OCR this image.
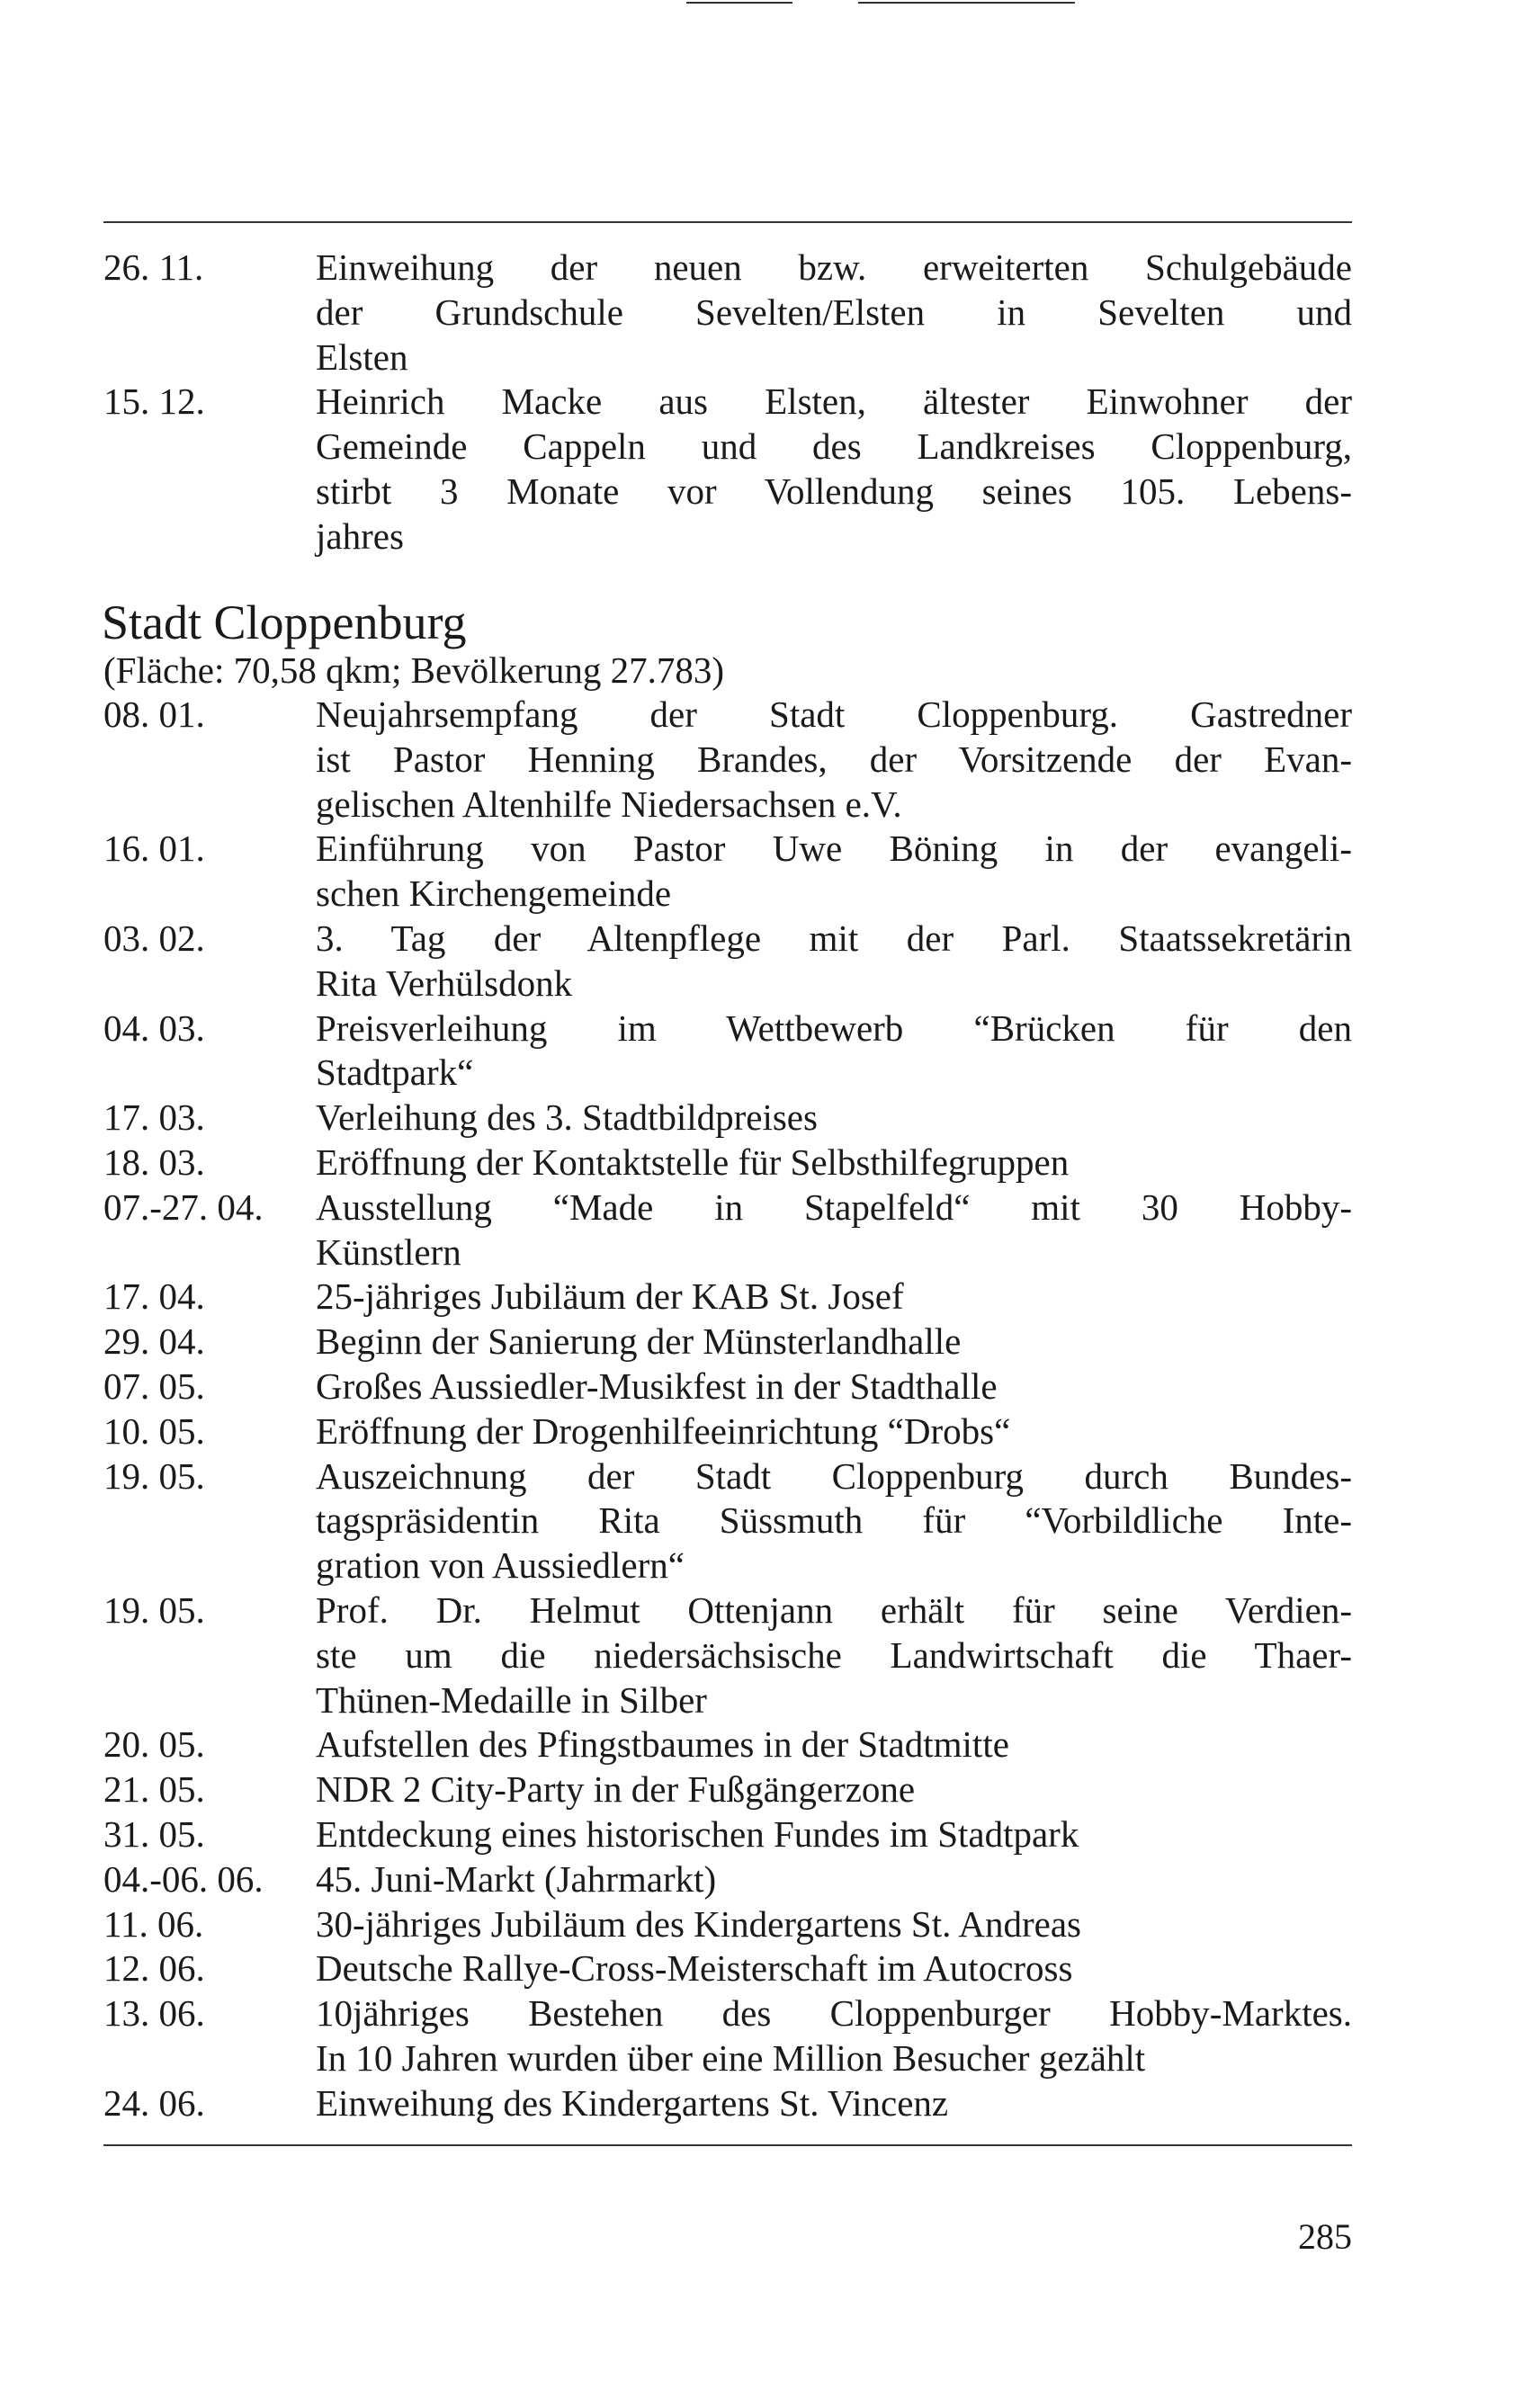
26. 11.	Einweihung der neuen bzw. erweiterten Schulgebäude
der Grundschule Sevelten/Elsten in Sevelten und
Elsten
15. 12.	Heinrich Macke aus Elsten, ältester Einwohner der
Gemeinde Cappeln und des Landkreises Cloppenburg,
stirbt 3 Monate vor Vollendung seines 105. Lebens-
jahres
Stadt Cloppenburg
(Fläche: 70,58 qkm; Bevölkerung 27.783)
08. 01.	Neujahrsempfang der Stadt Cloppenburg. Gastredner
ist Pastor Henning Brandes, der Vorsitzende der Evan-
gelischen Altenhilfe Niedersachsen e.V.
16. 01.	Einführung von Pastor Uwe Böning in der evangeli-
schen Kirchengemeinde
03. 02.	3. Tag der Altenpflege mit der Parl. Staatssekretärin
Rita Verhülsdonk
04. 03.	Preisverleihung im Wettbewerb “Brücken für den
Stadtpark“
17. 03.	Verleihung des 3. Stadtbildpreises
18. 03.	Eröffnung der Kontaktstelle für Selbsthilfegruppen
07.-27. 04.	Ausstellung “Made in Stapelfeld“ mit 30 Hobby-
Künstlern
17. 04.	25-jähriges Jubiläum der KAB St. Josef
29. 04.	Beginn der Sanierung der Münsterlandhalle
07. 05.	Großes Aussiedler-Musikfest in der Stadthalle
10. 05.	Eröffnung der Drogenhilfeeinrichtung “Drobs“
19. 05.	Auszeichnung der Stadt Cloppenburg durch Bundes-
tagspräsidentin Rita Süssmuth für “Vorbildliche Inte-
gration von Aussiedlern“
19. 05.	Prof. Dr. Helmut Ottenjann erhält für seine Verdien-
ste um die niedersächsische Landwirtschaft die Thaer-
Thünen-Medaille in Silber
20. 05.	Aufstellen des Pfingstbaumes in der Stadtmitte
21. 05.	NDR 2 City-Party in der Fußgängerzone
31. 05.	Entdeckung eines historischen Fundes im Stadtpark
04.-06. 06.	45. Juni-Markt (Jahrmarkt)
11. 06.	30-jähriges Jubiläum des Kindergartens St. Andreas
12. 06.	Deutsche Rallye-Cross-Meisterschaft im Autocross
13. 06.	10jähriges Bestehen des Cloppenburger Hobby-Marktes.
In 10 Jahren wurden über eine Million Besucher gezählt
24. 06.	Einweihung des Kindergartens St. Vincenz
285
